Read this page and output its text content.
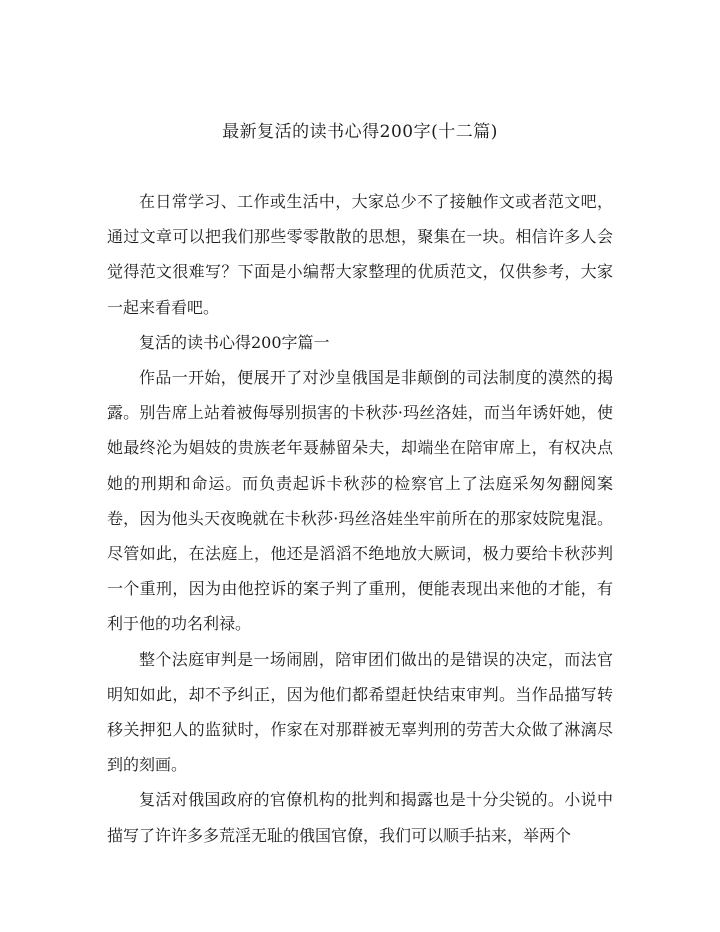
最新复活的读书心得200字(十二篇)

在日常学习、工作或生活中，大家总少不了接触作文或者范文吧，通过文章可以把我们那些零零散散的思想，聚集在一块。相信许多人会觉得范文很难写？下面是小编帮大家整理的优质范文，仅供参考，大家一起来看看吧。

复活的读书心得200字篇一

作品一开始，便展开了对沙皇俄国是非颠倒的司法制度的漠然的揭露。别告席上站着被侮辱别损害的卡秋莎·玛丝洛娃，而当年诱奸她，使她最终沦为娼妓的贵族老年聂赫留朵夫，却端坐在陪审席上，有权决点她的刑期和命运。而负责起诉卡秋莎的检察官上了法庭采匆匆翻阅案卷，因为他头天夜晚就在卡秋莎·玛丝洛娃坐牢前所在的那家妓院鬼混。尽管如此，在法庭上，他还是滔滔不绝地放大厥词，极力要给卡秋莎判一个重刑，因为由他控诉的案子判了重刑，便能表现出来他的才能，有利于他的功名利禄。

整个法庭审判是一场闹剧，陪审团们做出的是错误的决定，而法官明知如此，却不予纠正，因为他们都希望赶快结束审判。当作品描写转移关押犯人的监狱时，作家在对那群被无辜判刑的劳苦大众做了淋漓尽到的刻画。

复活对俄国政府的官僚机构的批判和揭露也是十分尖锐的。小说中描写了许许多多荒淫无耻的俄国官僚，我们可以顺手拈来，举两个
